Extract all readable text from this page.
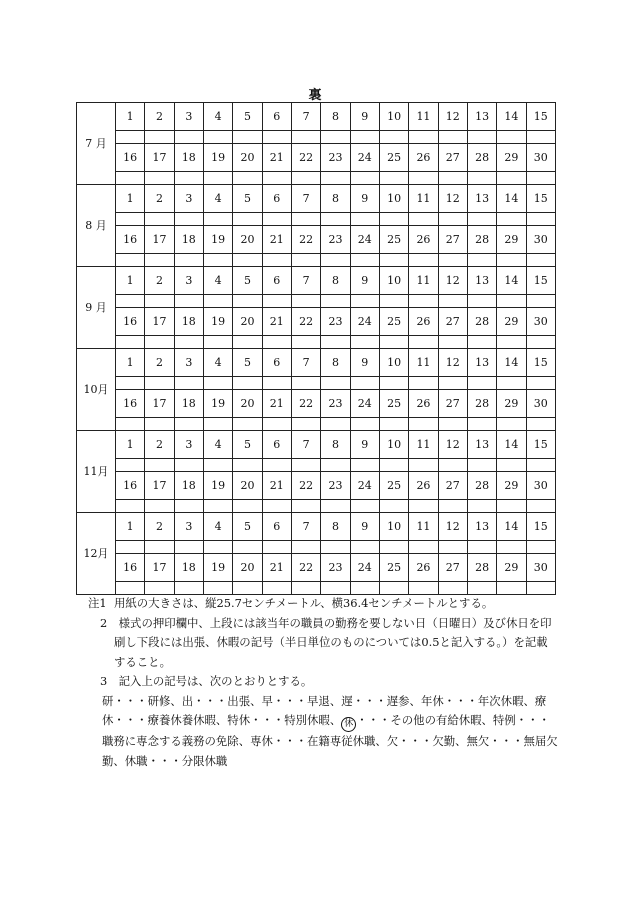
裏
7 月	1	2	3	4	5	6	7	8	9	10	11	12	13	14	15

	16	17	18	19	20	21	22	23	24	25	26	27	28	29	30

8 月	1	2	3	4	5	6	7	8	9	10	11	12	13	14	15

	16	17	18	19	20	21	22	23	24	25	26	27	28	29	30

9 月	1	2	3	4	5	6	7	8	9	10	11	12	13	14	15

	16	17	18	19	20	21	22	23	24	25	26	27	28	29	30

10月	1	2	3	4	5	6	7	8	9	10	11	12	13	14	15

	16	17	18	19	20	21	22	23	24	25	26	27	28	29	30

11月	1	2	3	4	5	6	7	8	9	10	11	12	13	14	15

	16	17	18	19	20	21	22	23	24	25	26	27	28	29	30

12月	1	2	3	4	5	6	7	8	9	10	11	12	13	14	15

	16	17	18	19	20	21	22	23	24	25	26	27	28	29	30

注1 用紙の大きさは、縦25.7センチメートル、横36.4センチメートルとする。

2　 様式の押印欄中、上段には該当年の職員の勤務を要しない日（日曜日）及び休日を印刷し下段には出張、休暇の記号（半日単位のものについては0.5と記入する。）を記載すること。

3　 記入上の記号は、次のとおりとする。

研・・・研修、出・・・出張、早・・・早退、遅・・・遅参、年休・・・年次休暇、療休・・・療養休養休暇、特休・・・特別休暇、 休 ・・・その他の有給休暇、特例・・・職務に専念する義務の免除、専休・・・在籍専従休職、欠・・・欠勤、無欠・・・無届欠勤、休職・・・分限休職
